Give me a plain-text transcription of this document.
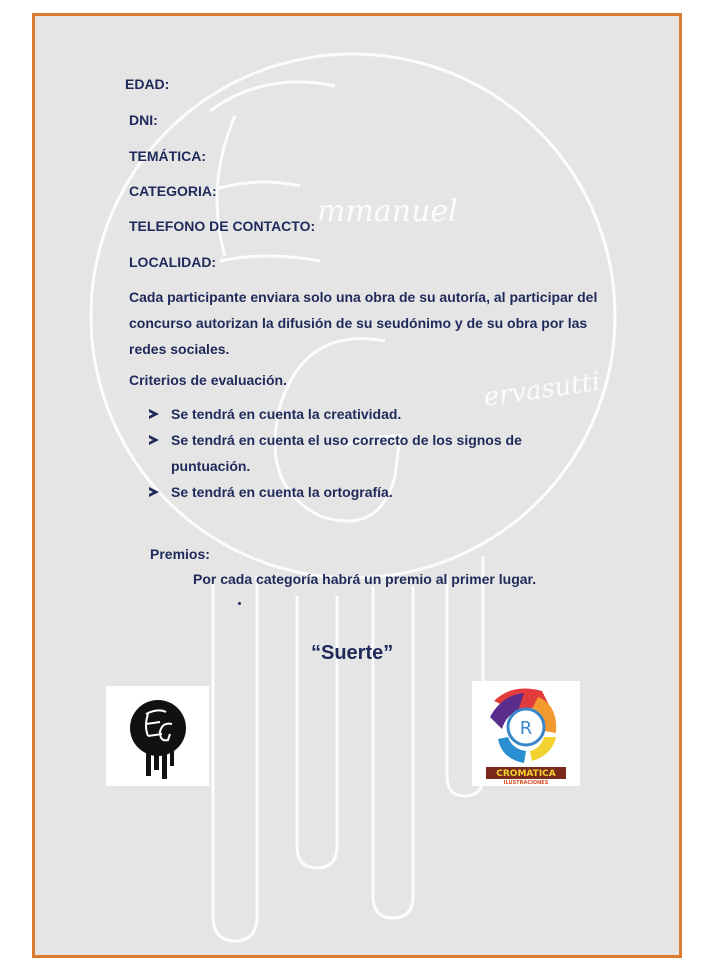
mmanuel
ervasutti

EDAD:

DNI:

TEMÁTICA:

CATEGORIA:

TELEFONO DE CONTACTO:

LOCALIDAD:

Cada participante enviara solo una obra de su autoría, al participar del concurso autorizan la difusión de su seudónimo y de su obra por las redes sociales.

Criterios de evaluación.

Se tendrá en cuenta la creatividad.
Se tendrá en cuenta el uso correcto de los signos de puntuación.
Se tendrá en cuenta la ortografía.

Premios:

Por cada categoría habrá un premio al primer lugar.

“Suerte”

EG	R
CROMATICA
ILUSTRACIONES
